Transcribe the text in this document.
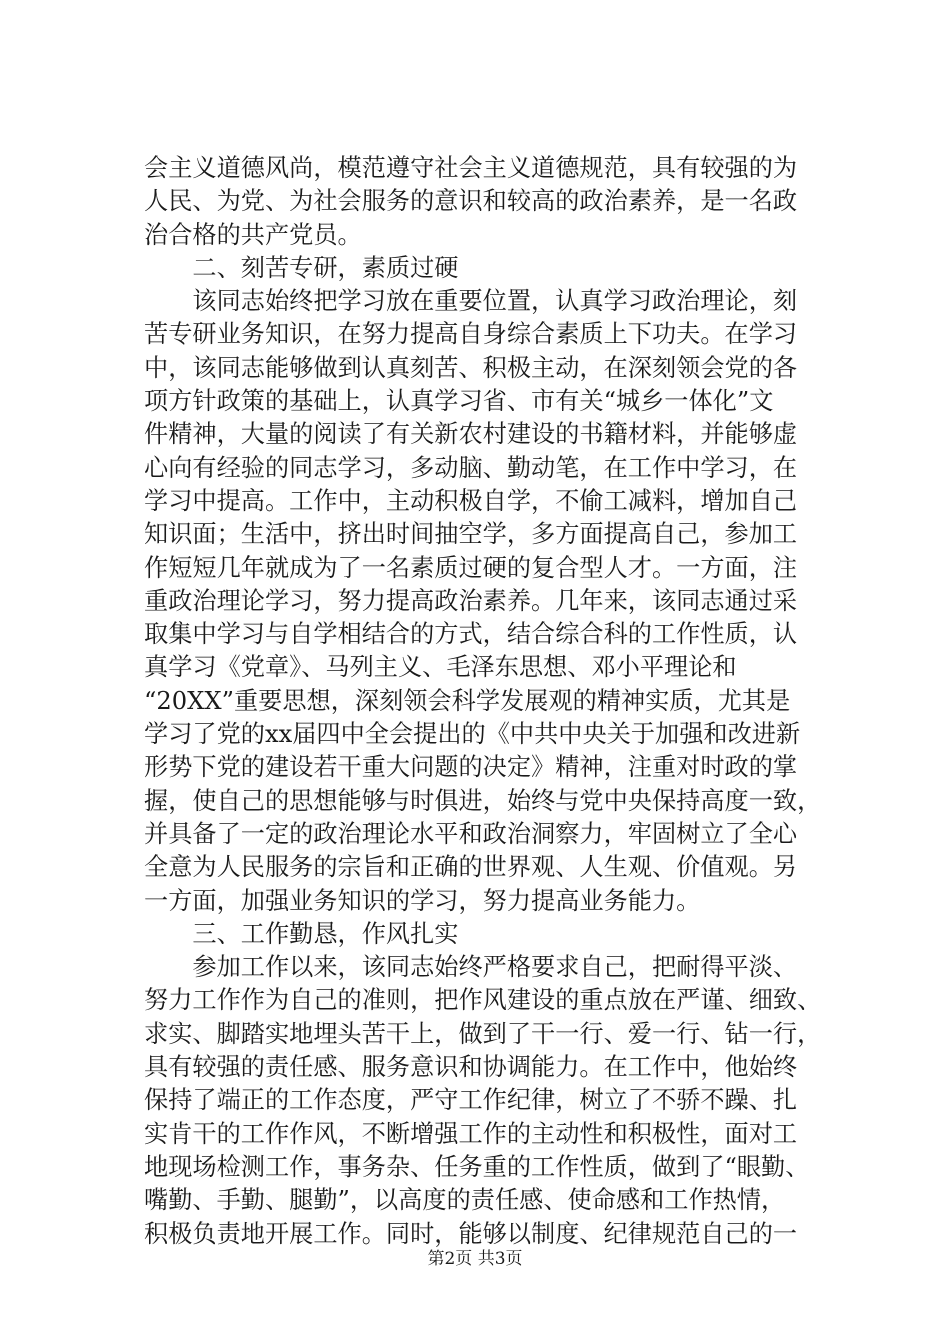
会主义道德风尚，模范遵守社会主义道德规范，具有较强的为
人民、为党、为社会服务的意识和较高的政治素养，是一名政
治合格的共产党员。
　　二、刻苦专研，素质过硬
　　该同志始终把学习放在重要位置，认真学习政治理论，刻
苦专研业务知识，在努力提高自身综合素质上下功夫。在学习
中，该同志能够做到认真刻苦、积极主动，在深刻领会党的各
项方针政策的基础上，认真学习省、市有关“城乡一体化”文
件精神，大量的阅读了有关新农村建设的书籍材料，并能够虚
心向有经验的同志学习，多动脑、勤动笔，在工作中学习，在
学习中提高。工作中，主动积极自学，不偷工减料，增加自己
知识面；生活中，挤出时间抽空学，多方面提高自己，参加工
作短短几年就成为了一名素质过硬的复合型人才。一方面，注
重政治理论学习，努力提高政治素养。几年来，该同志通过采
取集中学习与自学相结合的方式，结合综合科的工作性质，认
真学习《党章》、马列主义、毛泽东思想、邓小平理论和
“20XX”重要思想，深刻领会科学发展观的精神实质，尤其是
学习了党的xx届四中全会提出的《中共中央关于加强和改进新
形势下党的建设若干重大问题的决定》精神，注重对时政的掌
握，使自己的思想能够与时俱进，始终与党中央保持高度一致，
并具备了一定的政治理论水平和政治洞察力，牢固树立了全心
全意为人民服务的宗旨和正确的世界观、人生观、价值观。另
一方面，加强业务知识的学习，努力提高业务能力。
　　三、工作勤恳，作风扎实
　　参加工作以来，该同志始终严格要求自己，把耐得平淡、
努力工作作为自己的准则，把作风建设的重点放在严谨、细致、
求实、脚踏实地埋头苦干上，做到了干一行、爱一行、钻一行，
具有较强的责任感、服务意识和协调能力。在工作中，他始终
保持了端正的工作态度，严守工作纪律，树立了不骄不躁、扎
实肯干的工作作风，不断增强工作的主动性和积极性，面对工
地现场检测工作，事务杂、任务重的工作性质，做到了“眼勤、
嘴勤、手勤、腿勤”，以高度的责任感、使命感和工作热情，
积极负责地开展工作。同时，能够以制度、纪律规范自己的一
第2页 共3页
